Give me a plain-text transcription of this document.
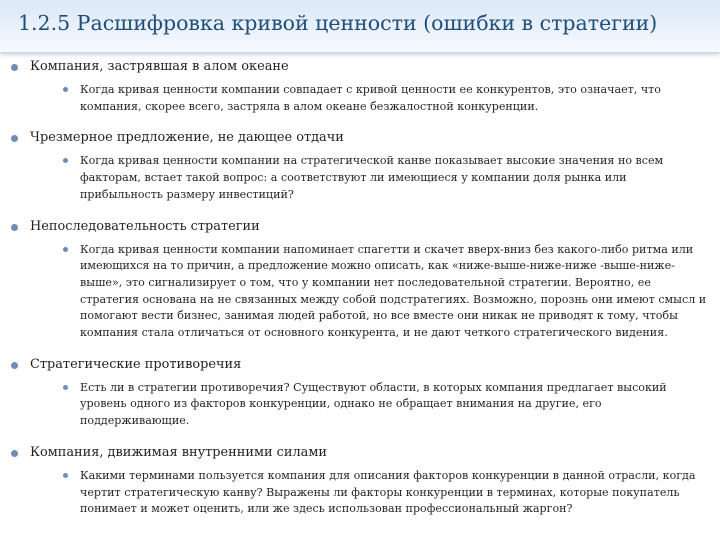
1.2.5 Расшифровка кривой ценности (ошибки в стратегии)
Компания, застрявшая в алом океане
Когда кривая ценности компании совпадает с кривой ценности ее конкурентов, это означает, что компания, скорее всего, застряла в алом океане безжалостной конкуренции.
Чрезмерное предложение, не дающее отдачи
Когда кривая ценности компании на стратегической канве показывает высокие значения но всем факторам, встает такой вопрос: а соответствуют ли имеющиеся у компании доля рынка или прибыльность размеру инвестиций?
Непоследовательность стратегии
Когда кривая ценности компании напоминает спагетти и скачет вверх-вниз без какого-либо ритма или имеющихся на то причин, а предложение можно описать, как «ниже-выше-ниже-ниже -выше-ниже-выше», это сигнализирует о том, что у компании нет последовательной стратегии. Вероятно, ее стратегия основана на не связанных между собой подстратегиях. Возможно, порознь они имеют смысл и помогают вести бизнес, занимая людей работой, но все вместе они никак не приводят к тому, чтобы компания стала отличаться от основного конкурента, и не дают четкого стратегического видения.
Стратегические противоречия
Есть ли в стратегии противоречия? Существуют области, в которых компания предлагает высокий уровень одного из факторов конкуренции, однако не обращает внимания на другие, его поддерживающие.
Компания, движимая внутренними силами
Какими терминами пользуется компания для описания факторов конкуренции в данной отрасли, когда чертит стратегическую канву? Выражены ли факторы конкуренции в терминах, которые покупатель понимает и может оценить, или же здесь использован профессиональный жаргон?
